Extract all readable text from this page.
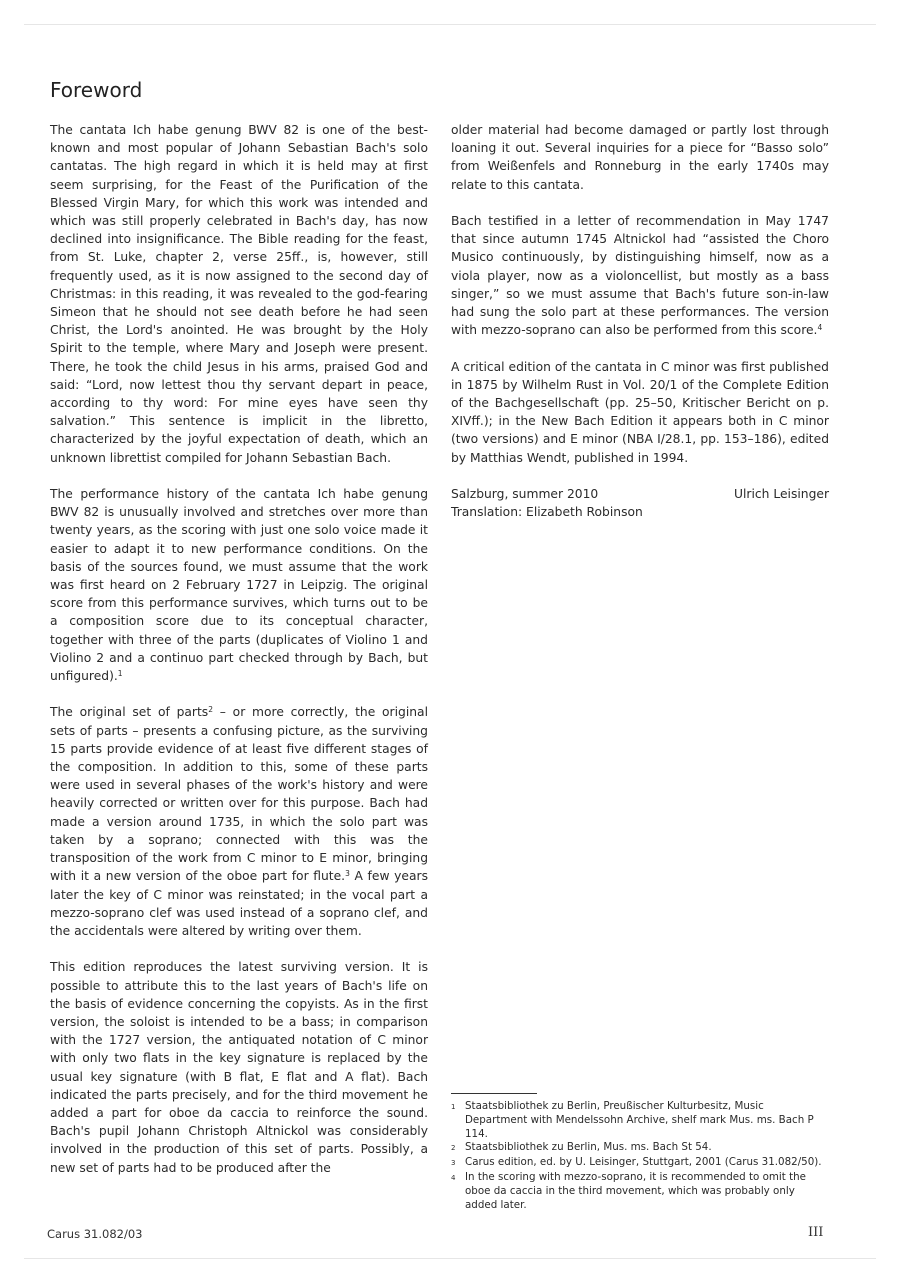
Foreword

The cantata Ich habe genung BWV 82 is one of the best-known and most popular of Johann Sebastian Bach's solo cantatas. The high regard in which it is held may at first seem surprising, for the Feast of the Purification of the Blessed Virgin Mary, for which this work was intended and which was still properly celebrated in Bach's day, has now declined into insignificance. The Bible reading for the feast, from St. Luke, chapter 2, verse 25ff., is, however, still frequently used, as it is now assigned to the second day of Christmas: in this reading, it was revealed to the god-fearing Simeon that he should not see death before he had seen Christ, the Lord's anointed. He was brought by the Holy Spirit to the temple, where Mary and Joseph were present. There, he took the child Jesus in his arms, praised God and said: “Lord, now lettest thou thy servant depart in peace, according to thy word: For mine eyes have seen thy salvation.” This sentence is implicit in the libretto, characterized by the joyful expectation of death, which an unknown librettist compiled for Johann Sebastian Bach.

The performance history of the cantata Ich habe genung BWV 82 is unusually involved and stretches over more than twenty years, as the scoring with just one solo voice made it easier to adapt it to new performance conditions. On the basis of the sources found, we must assume that the work was first heard on 2 February 1727 in Leipzig. The original score from this performance survives, which turns out to be a composition score due to its conceptual character, together with three of the parts (duplicates of Violino 1 and Violino 2 and a continuo part checked through by Bach, but unfigured).$^1$

The original set of parts$^2$ – or more correctly, the original sets of parts – presents a confusing picture, as the surviving 15 parts provide evidence of at least five different stages of the composition. In addition to this, some of these parts were used in several phases of the work's history and were heavily corrected or written over for this purpose. Bach had made a version around 1735, in which the solo part was taken by a soprano; connected with this was the transposition of the work from C minor to E minor, bringing with it a new version of the oboe part for flute.$^3$ A few years later the key of C minor was reinstated; in the vocal part a mezzo-soprano clef was used instead of a soprano clef, and the accidentals were altered by writing over them.

This edition reproduces the latest surviving version. It is possible to attribute this to the last years of Bach's life on the basis of evidence concerning the copyists. As in the first version, the soloist is intended to be a bass; in comparison with the 1727 version, the antiquated notation of C minor with only two flats in the key signature is replaced by the usual key signature (with B flat, E flat and A flat). Bach indicated the parts precisely, and for the third movement he added a part for oboe da caccia to reinforce the sound. Bach's pupil Johann Christoph Altnickol was considerably involved in the production of this set of parts. Possibly, a new set of parts had to be produced after the

older material had become damaged or partly lost through loaning it out. Several inquiries for a piece for “Basso solo” from Weißenfels and Ronneburg in the early 1740s may relate to this cantata.

Bach testified in a letter of recommendation in May 1747 that since autumn 1745 Altnickol had “assisted the Choro Musico continuously, by distinguishing himself, now as a viola player, now as a violoncellist, but mostly as a bass singer,” so we must assume that Bach's future son-in-law had sung the solo part at these performances. The version with mezzo-soprano can also be performed from this score.$^4$

A critical edition of the cantata in C minor was first published in 1875 by Wilhelm Rust in Vol. 20/1 of the Complete Edition of the Bachgesellschaft (pp. 25–50, Kritischer Bericht on p. XIVff.); in the New Bach Edition it appears both in C minor (two versions) and E minor (NBA I/28.1, pp. 153–186), edited by Matthias Wendt, published in 1994.

Salzburg, summer 2010	Ulrich Leisinger
Translation: Elizabeth Robinson
1 Staatsbibliothek zu Berlin, Preußischer Kulturbesitz, Music Department with Mendelssohn Archive, shelf mark Mus. ms. Bach P 114.
2 Staatsbibliothek zu Berlin, Mus. ms. Bach St 54.
3 Carus edition, ed. by U. Leisinger, Stuttgart, 2001 (Carus 31.082/50).
4 In the scoring with mezzo-soprano, it is recommended to omit the oboe da caccia in the third movement, which was probably only added later.
Carus 31.082/03	III
